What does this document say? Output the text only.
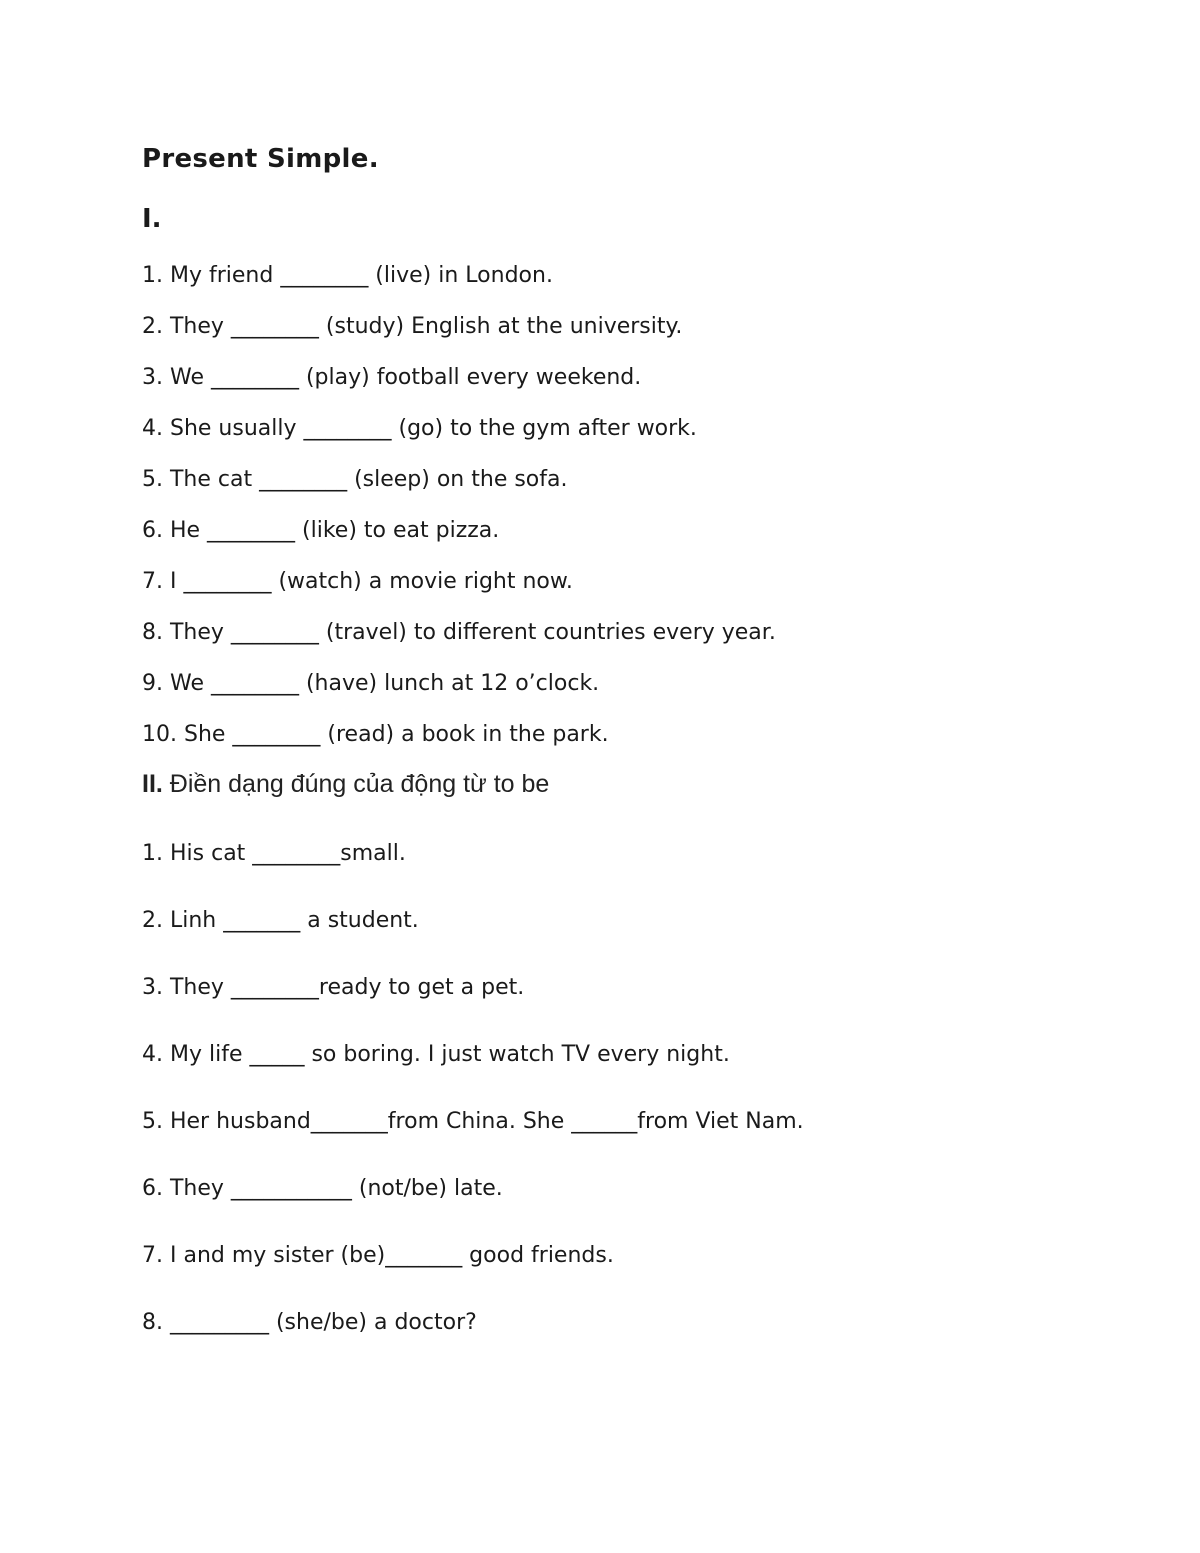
Present Simple.
I.
1. My friend ________ (live) in London.
2. They ________ (study) English at the university.
3. We ________ (play) football every weekend.
4. She usually ________ (go) to the gym after work.
5. The cat ________ (sleep) on the sofa.
6. He ________ (like) to eat pizza.
7. I ________ (watch) a movie right now.
8. They ________ (travel) to different countries every year.
9. We ________ (have) lunch at 12 o’clock.
10. She ________ (read) a book in the park.
II. Điền dạng đúng của động từ to be
1. His cat ________small.
2. Linh _______ a student.
3. They ________ready to get a pet.
4. My life _____ so boring. I just watch TV every night.
5. Her husband_______from China. She ______from Viet Nam.
6. They ___________ (not/be) late.
7. I and my sister (be)_______ good friends.
8. _________ (she/be) a doctor?
